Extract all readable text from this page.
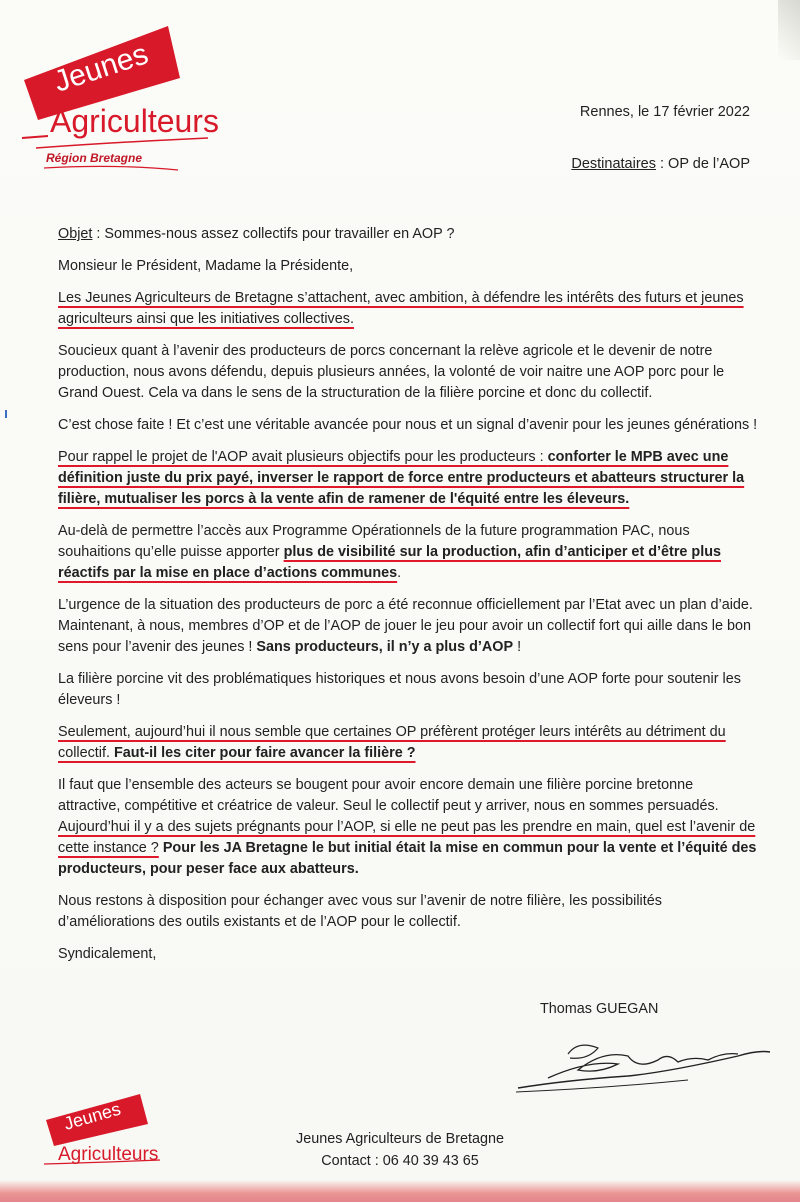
Jeunes
Agriculteurs
Région Bretagne
Rennes, le 17 février 2022
Destinataires : OP de l’AOP

Objet : Sommes-nous assez collectifs pour travailler en AOP ?

Monsieur le Président, Madame la Présidente,

Les Jeunes Agriculteurs de Bretagne s’attachent, avec ambition, à défendre les intérêts des futurs et jeunes agriculteurs ainsi que les initiatives collectives.

Soucieux quant à l’avenir des producteurs de porcs concernant la relève agricole et le devenir de notre production, nous avons défendu, depuis plusieurs années, la volonté de voir naitre une AOP porc pour le Grand Ouest. Cela va dans le sens de la structuration de la filière porcine et donc du collectif.

C’est chose faite ! Et c’est une véritable avancée pour nous et un signal d’avenir pour les jeunes générations !

Pour rappel le projet de l'AOP avait plusieurs objectifs pour les producteurs : conforter le MPB avec une définition juste du prix payé, inverser le rapport de force entre producteurs et abatteurs structurer la filière, mutualiser les porcs à la vente afin de ramener de l'équité entre les éleveurs.

Au-delà de permettre l’accès aux Programme Opérationnels de la future programmation PAC, nous souhaitions qu’elle puisse apporter plus de visibilité sur la production, afin d’anticiper et d’être plus réactifs par la mise en place d’actions communes.

L’urgence de la situation des producteurs de porc a été reconnue officiellement par l’Etat avec un plan d’aide. Maintenant, à nous, membres d’OP et de l’AOP de jouer le jeu pour avoir un collectif fort qui aille dans le bon sens pour l’avenir des jeunes ! Sans producteurs, il n’y a plus d’AOP !

La filière porcine vit des problématiques historiques et nous avons besoin d’une AOP forte pour soutenir les éleveurs !

Seulement, aujourd’hui il nous semble que certaines OP préfèrent protéger leurs intérêts au détriment du collectif. Faut-il les citer pour faire avancer la filière ?

Il faut que l’ensemble des acteurs se bougent pour avoir encore demain une filière porcine bretonne attractive, compétitive et créatrice de valeur. Seul le collectif peut y arriver, nous en sommes persuadés. Aujourd’hui il y a des sujets prégnants pour l’AOP, si elle ne peut pas les prendre en main, quel est l’avenir de cette instance ? Pour les JA Bretagne le but initial était la mise en commun pour la vente et l’équité des producteurs, pour peser face aux abatteurs.

Nous restons à disposition pour échanger avec vous sur l’avenir de notre filière, les possibilités d’améliorations des outils existants et de l’AOP pour le collectif.

Syndicalement,

Thomas GUEGAN
Jeunes
Agriculteurs
Jeunes Agriculteurs de Bretagne
Contact : 06 40 39 43 65
